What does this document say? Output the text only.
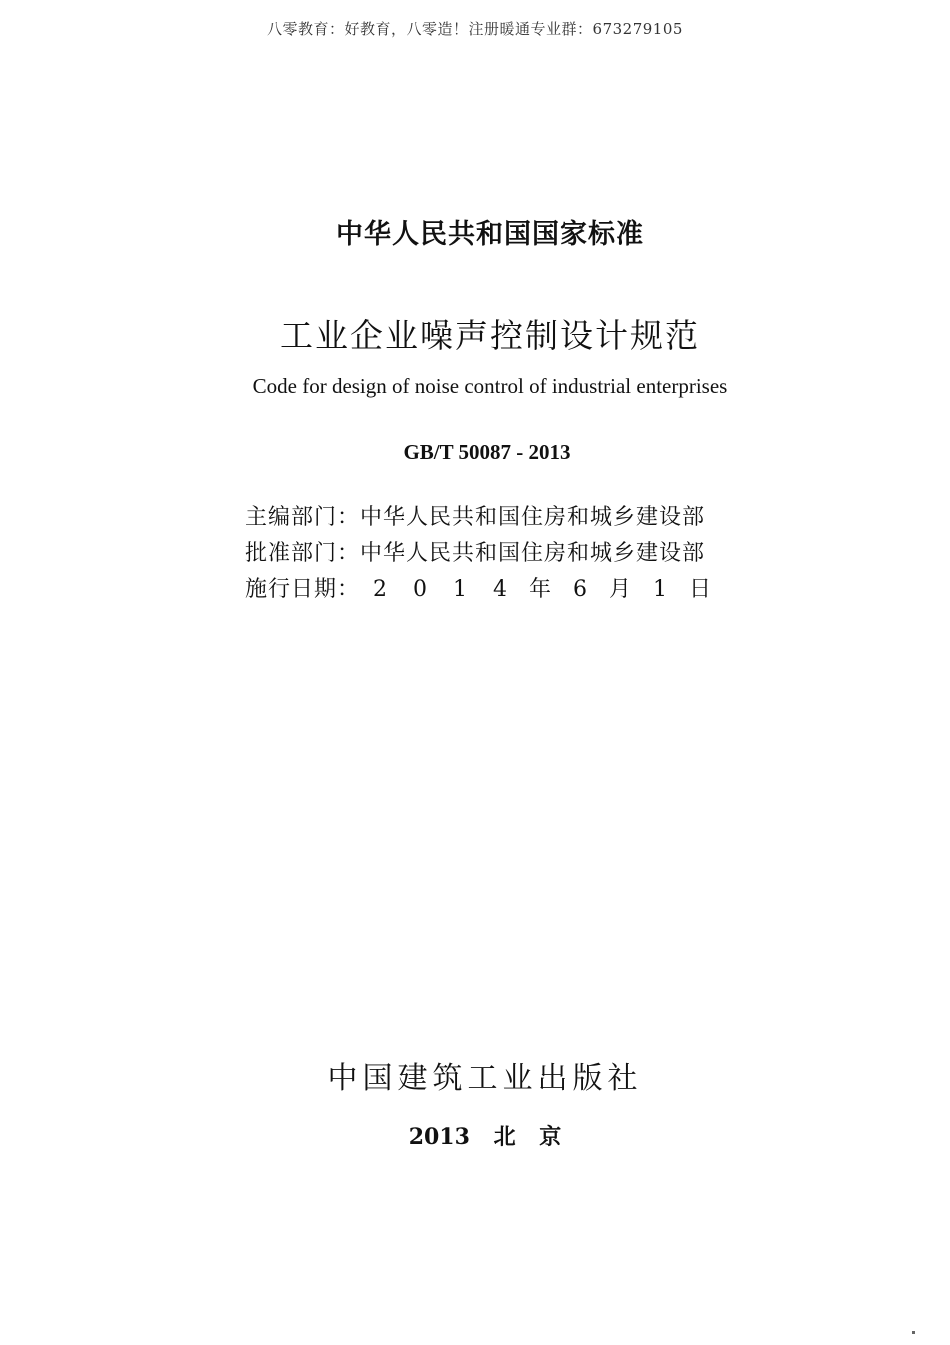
八零教育：好教育，八零造！注册暖通专业群：673279105
中华人民共和国国家标准
工业企业噪声控制设计规范
Code for design of noise control of industrial enterprises
GB/T 50087 - 2013
主编部门： 中华人民共和国住房和城乡建设部
批准部门： 中华人民共和国住房和城乡建设部
施行日期： 2	0	1	4 年	6 月	1 日
中国建筑工业出版社
2013 北 京
